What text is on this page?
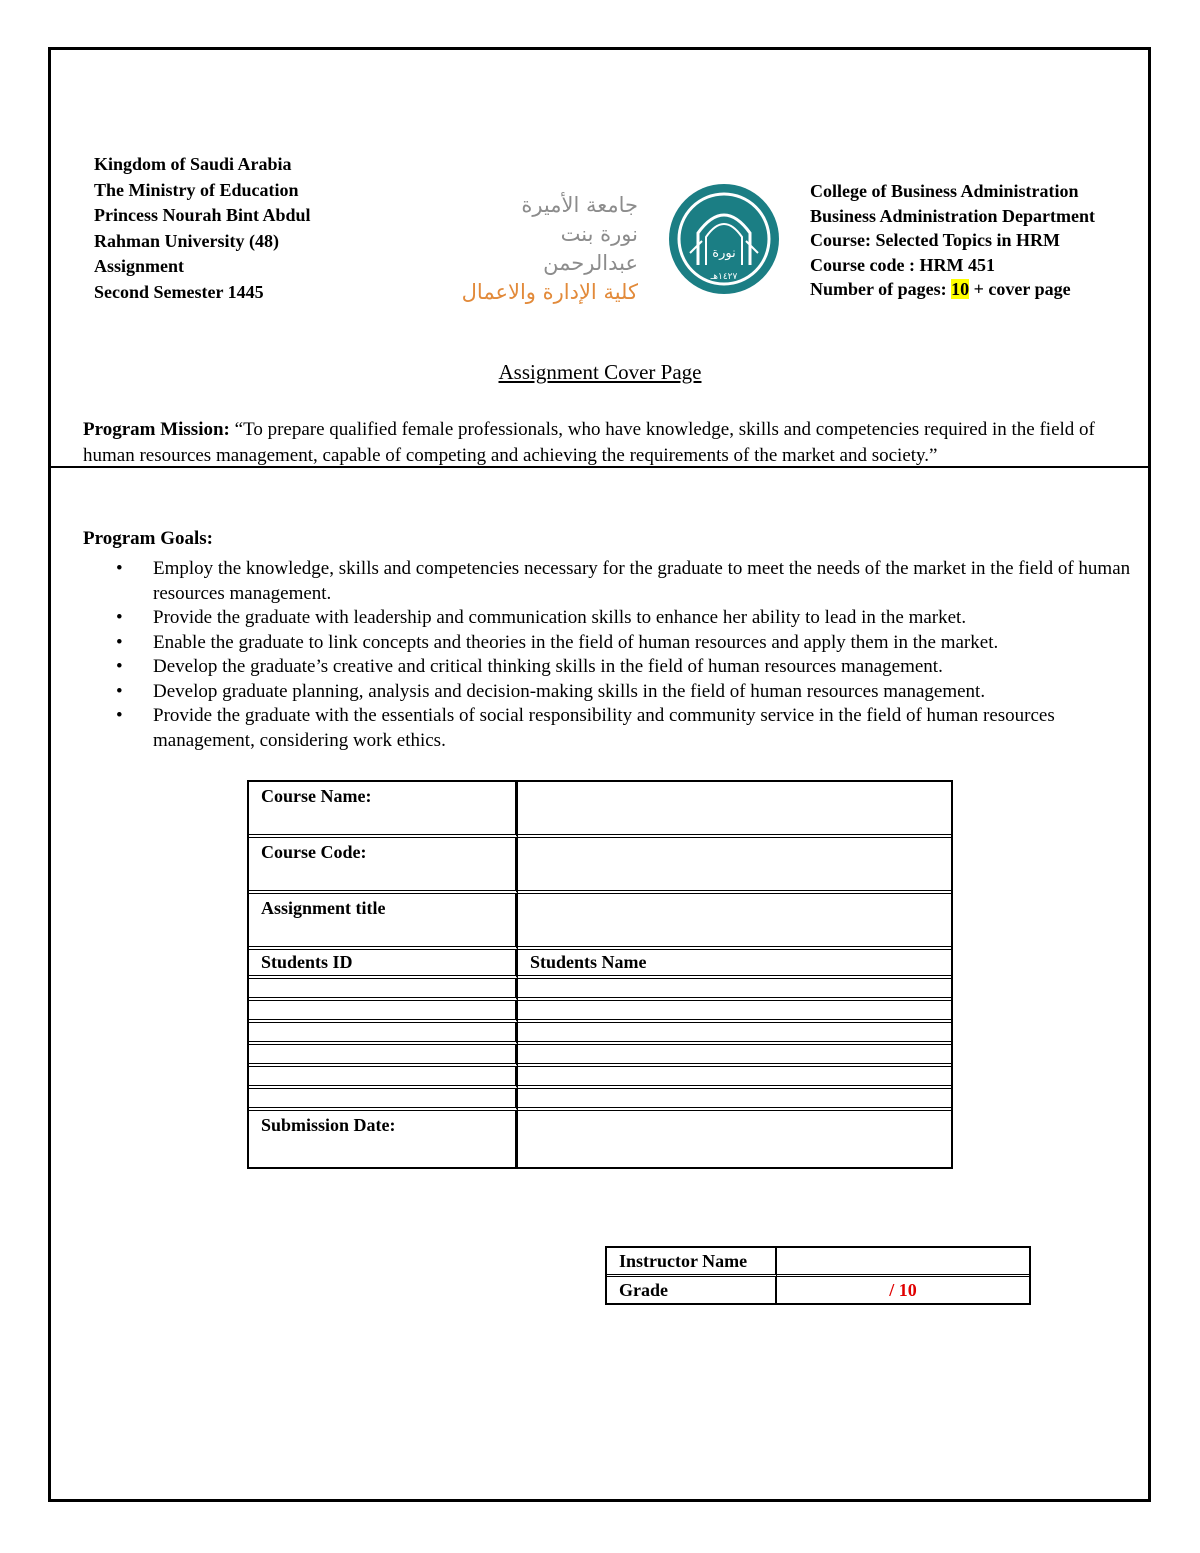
Kingdom of Saudi Arabia
The Ministry of Education
Princess Nourah Bint Abdul
Rahman University (48)
Assignment
Second Semester 1445
جامعة الأميرة
نورة بنت عبدالرحمن
كلية الإدارة والاعمال
نورة
١٤٢٧هـ
College of Business Administration
Business Administration Department
Course: Selected Topics in HRM
Course code : HRM 451
Number of pages: 10 + cover page
Assignment Cover Page
Program Mission: “To prepare qualified female professionals, who have knowledge, skills and competencies required in the field of human resources management, capable of competing and achieving the requirements of the market and society.”
Program Goals:
• Employ the knowledge, skills and competencies necessary for the graduate to meet the needs of the market in the field of human resources management.
• Provide the graduate with leadership and communication skills to enhance her ability to lead in the market.
• Enable the graduate to link concepts and theories in the field of human resources and apply them in the market.
• Develop the graduate’s creative and critical thinking skills in the field of human resources management.
• Develop graduate planning, analysis and decision-making skills in the field of human resources management.
• Provide the graduate with the essentials of social responsibility and community service in the field of human resources management, considering work ethics.
Course Name:	
Course Code:	
Assignment title	
Students ID	Students Name

Submission Date:	
Instructor Name	
Grade	/ 10
